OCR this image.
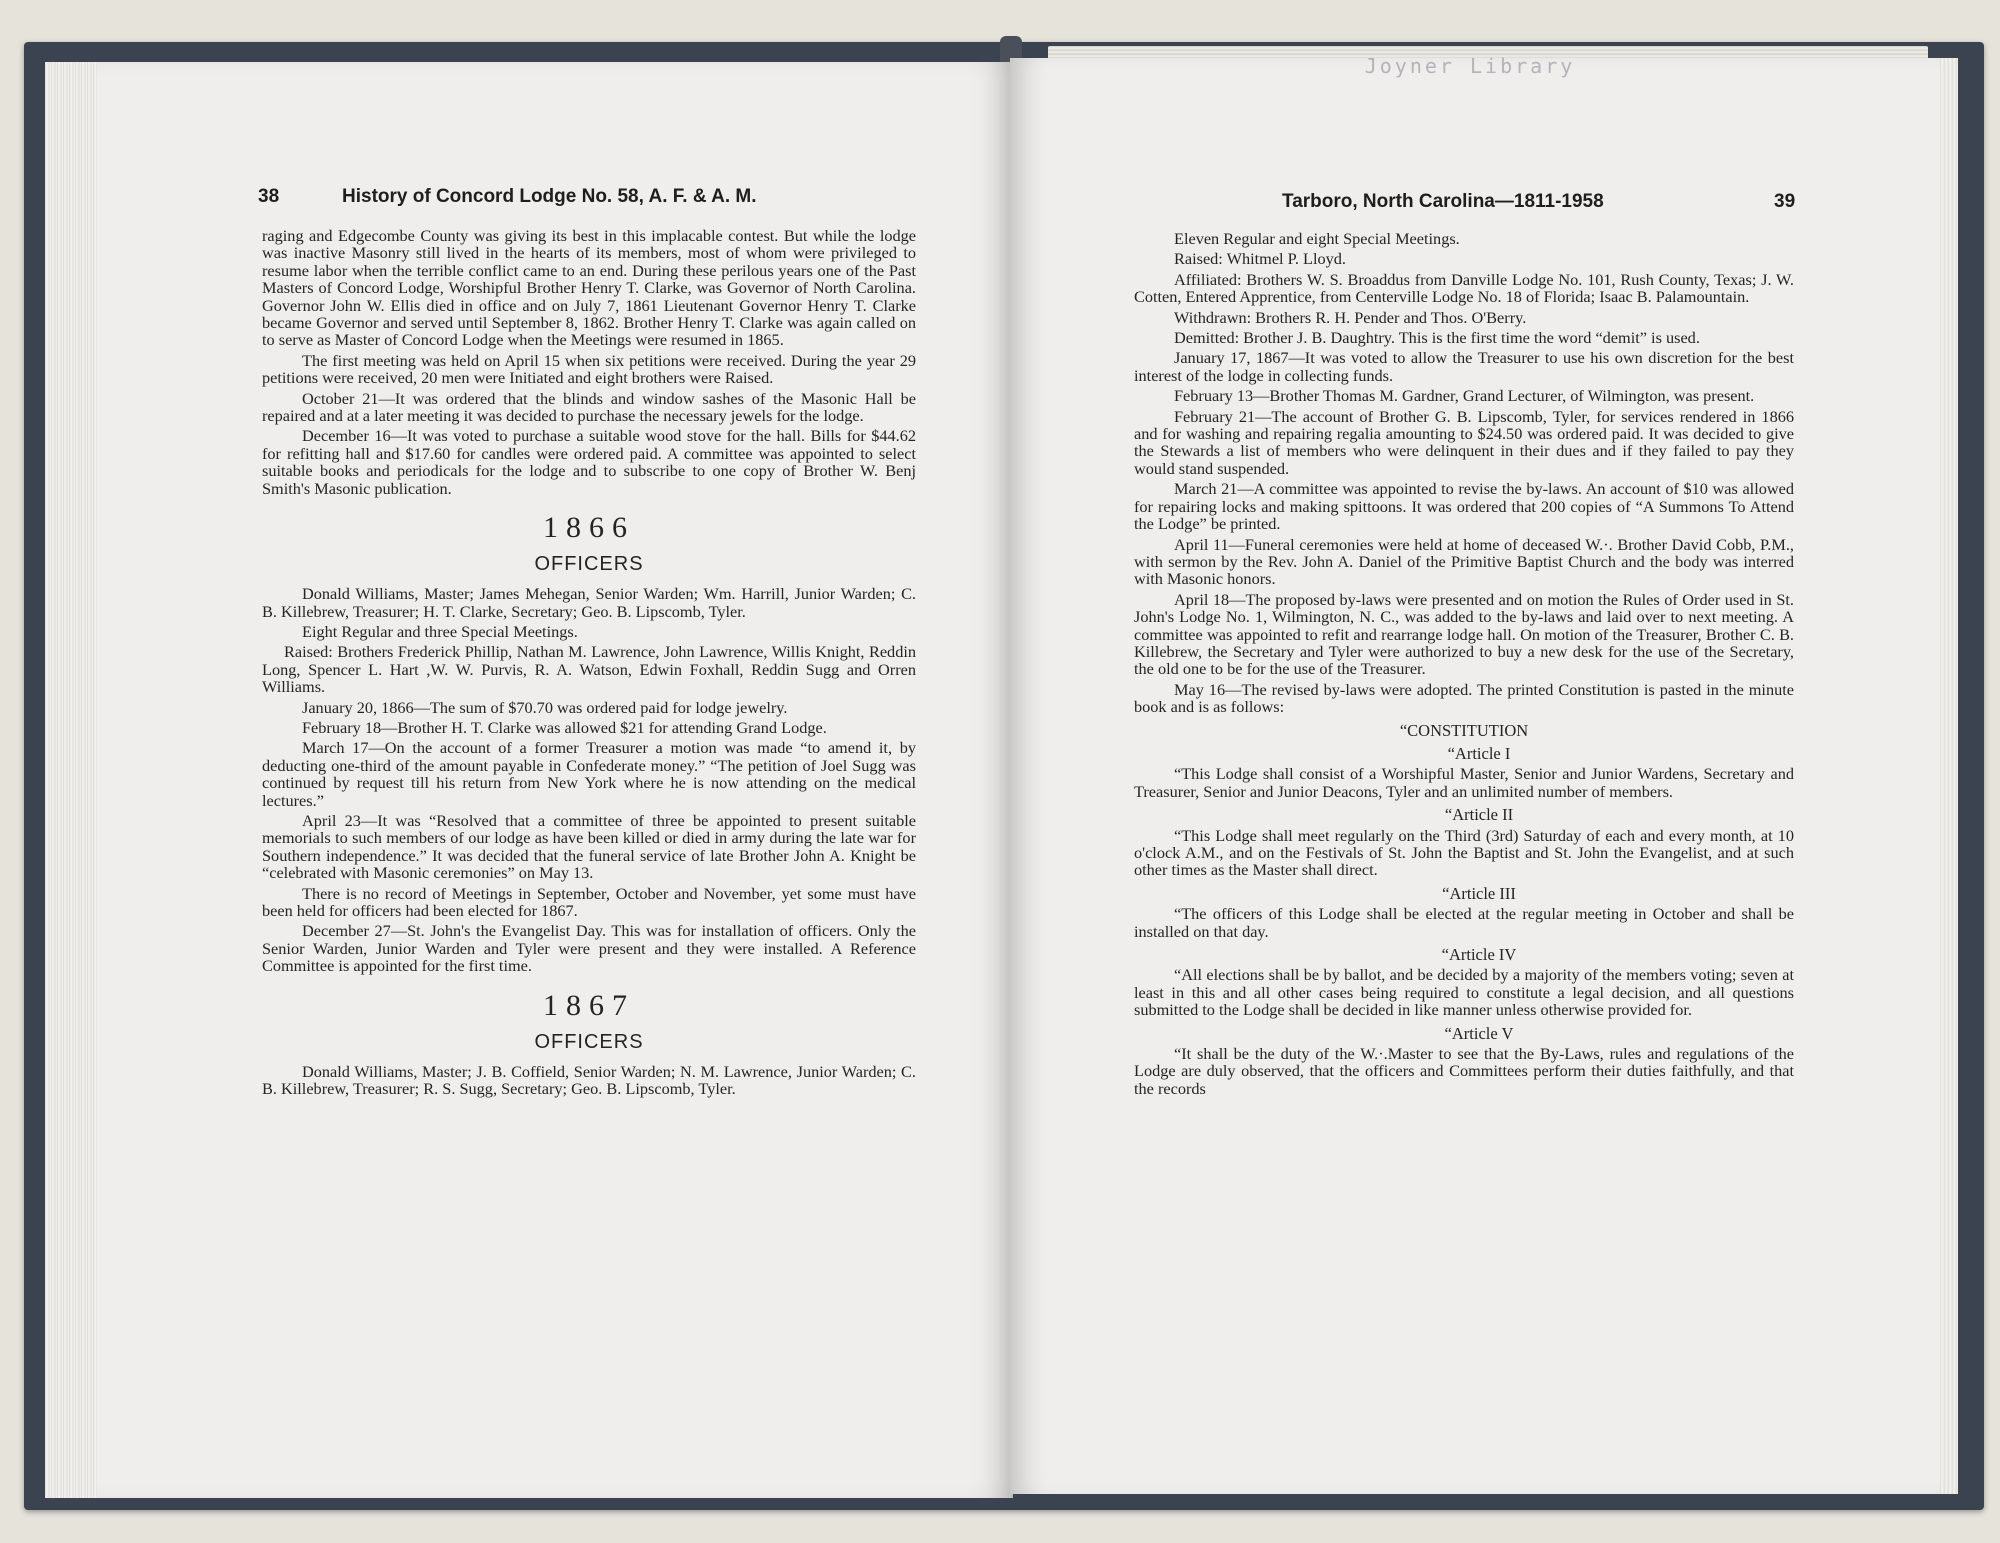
Joyner Library
38	History of Concord Lodge No. 58, A. F. & A. M.

raging and Edgecombe County was giving its best in this implacable contest. But while the lodge was inactive Masonry still lived in the hearts of its members, most of whom were privileged to resume labor when the terrible conflict came to an end. During these perilous years one of the Past Masters of Concord Lodge, Worshipful Brother Henry T. Clarke, was Governor of North Carolina. Governor John W. Ellis died in office and on July 7, 1861 Lieutenant Governor Henry T. Clarke became Governor and served until September 8, 1862. Brother Henry T. Clarke was again called on to serve as Master of Concord Lodge when the Meetings were resumed in 1865.

The first meeting was held on April 15 when six petitions were received. During the year 29 petitions were received, 20 men were Initiated and eight brothers were Raised.

October 21—It was ordered that the blinds and window sashes of the Masonic Hall be repaired and at a later meeting it was decided to purchase the necessary jewels for the lodge.

December 16—It was voted to purchase a suitable wood stove for the hall. Bills for $44.62 for refitting hall and $17.60 for candles were ordered paid. A committee was appointed to select suitable books and periodicals for the lodge and to subscribe to one copy of Brother W. Benj Smith's Masonic publication.

1866

OFFICERS

Donald Williams, Master; James Mehegan, Senior Warden; Wm. Harrill, Junior Warden; C. B. Killebrew, Treasurer; H. T. Clarke, Secretary; Geo. B. Lipscomb, Tyler.

Eight Regular and three Special Meetings.

Raised: Brothers Frederick Phillip, Nathan M. Lawrence, John Lawrence, Willis Knight, Reddin Long, Spencer L. Hart ,W. W. Purvis, R. A. Watson, Edwin Foxhall, Reddin Sugg and Orren Williams.

January 20, 1866—The sum of $70.70 was ordered paid for lodge jewelry.

February 18—Brother H. T. Clarke was allowed $21 for attending Grand Lodge.

March 17—On the account of a former Treasurer a motion was made “to amend it, by deducting one-third of the amount payable in Confederate money.” “The petition of Joel Sugg was continued by request till his return from New York where he is now attending on the medical lectures.”

April 23—It was “Resolved that a committee of three be appointed to present suitable memorials to such members of our lodge as have been killed or died in army during the late war for Southern independence.” It was decided that the funeral service of late Brother John A. Knight be “celebrated with Masonic ceremonies” on May 13.

There is no record of Meetings in September, October and November, yet some must have been held for officers had been elected for 1867.

December 27—St. John's the Evangelist Day. This was for installation of officers. Only the Senior Warden, Junior Warden and Tyler were present and they were installed. A Reference Committee is appointed for the first time.

1867

OFFICERS

Donald Williams, Master; J. B. Coffield, Senior Warden; N. M. Lawrence, Junior Warden; C. B. Killebrew, Treasurer; R. S. Sugg, Secretary; Geo. B. Lipscomb, Tyler.

Tarboro, North Carolina—1811-1958	39

Eleven Regular and eight Special Meetings.

Raised: Whitmel P. Lloyd.

Affiliated: Brothers W. S. Broaddus from Danville Lodge No. 101, Rush County, Texas; J. W. Cotten, Entered Apprentice, from Centerville Lodge No. 18 of Florida; Isaac B. Palamountain.

Withdrawn: Brothers R. H. Pender and Thos. O'Berry.

Demitted: Brother J. B. Daughtry. This is the first time the word “demit” is used.

January 17, 1867—It was voted to allow the Treasurer to use his own discretion for the best interest of the lodge in collecting funds.

February 13—Brother Thomas M. Gardner, Grand Lecturer, of Wilmington, was present.

February 21—The account of Brother G. B. Lipscomb, Tyler, for services rendered in 1866 and for washing and repairing regalia amounting to $24.50 was ordered paid. It was decided to give the Stewards a list of members who were delinquent in their dues and if they failed to pay they would stand suspended.

March 21—A committee was appointed to revise the by-laws. An account of $10 was allowed for repairing locks and making spittoons. It was ordered that 200 copies of “A Summons To Attend the Lodge” be printed.

April 11—Funeral ceremonies were held at home of deceased W.·. Brother David Cobb, P.M., with sermon by the Rev. John A. Daniel of the Primitive Baptist Church and the body was interred with Masonic honors.

April 18—The proposed by-laws were presented and on motion the Rules of Order used in St. John's Lodge No. 1, Wilmington, N. C., was added to the by-laws and laid over to next meeting. A committee was appointed to refit and rearrange lodge hall. On motion of the Treasurer, Brother C. B. Killebrew, the Secretary and Tyler were authorized to buy a new desk for the use of the Secretary, the old one to be for the use of the Treasurer.

May 16—The revised by-laws were adopted. The printed Constitution is pasted in the minute book and is as follows:

“CONSTITUTION

“Article I

“This Lodge shall consist of a Worshipful Master, Senior and Junior Wardens, Secretary and Treasurer, Senior and Junior Deacons, Tyler and an unlimited number of members.

“Article II

“This Lodge shall meet regularly on the Third (3rd) Saturday of each and every month, at 10 o'clock A.M., and on the Festivals of St. John the Baptist and St. John the Evangelist, and at such other times as the Master shall direct.

“Article III

“The officers of this Lodge shall be elected at the regular meeting in October and shall be installed on that day.

“Article IV

“All elections shall be by ballot, and be decided by a majority of the members voting; seven at least in this and all other cases being required to constitute a legal decision, and all questions submitted to the Lodge shall be decided in like manner unless otherwise provided for.

“Article V

“It shall be the duty of the W.·.Master to see that the By-Laws, rules and regulations of the Lodge are duly observed, that the officers and Committees perform their duties faithfully, and that the records
